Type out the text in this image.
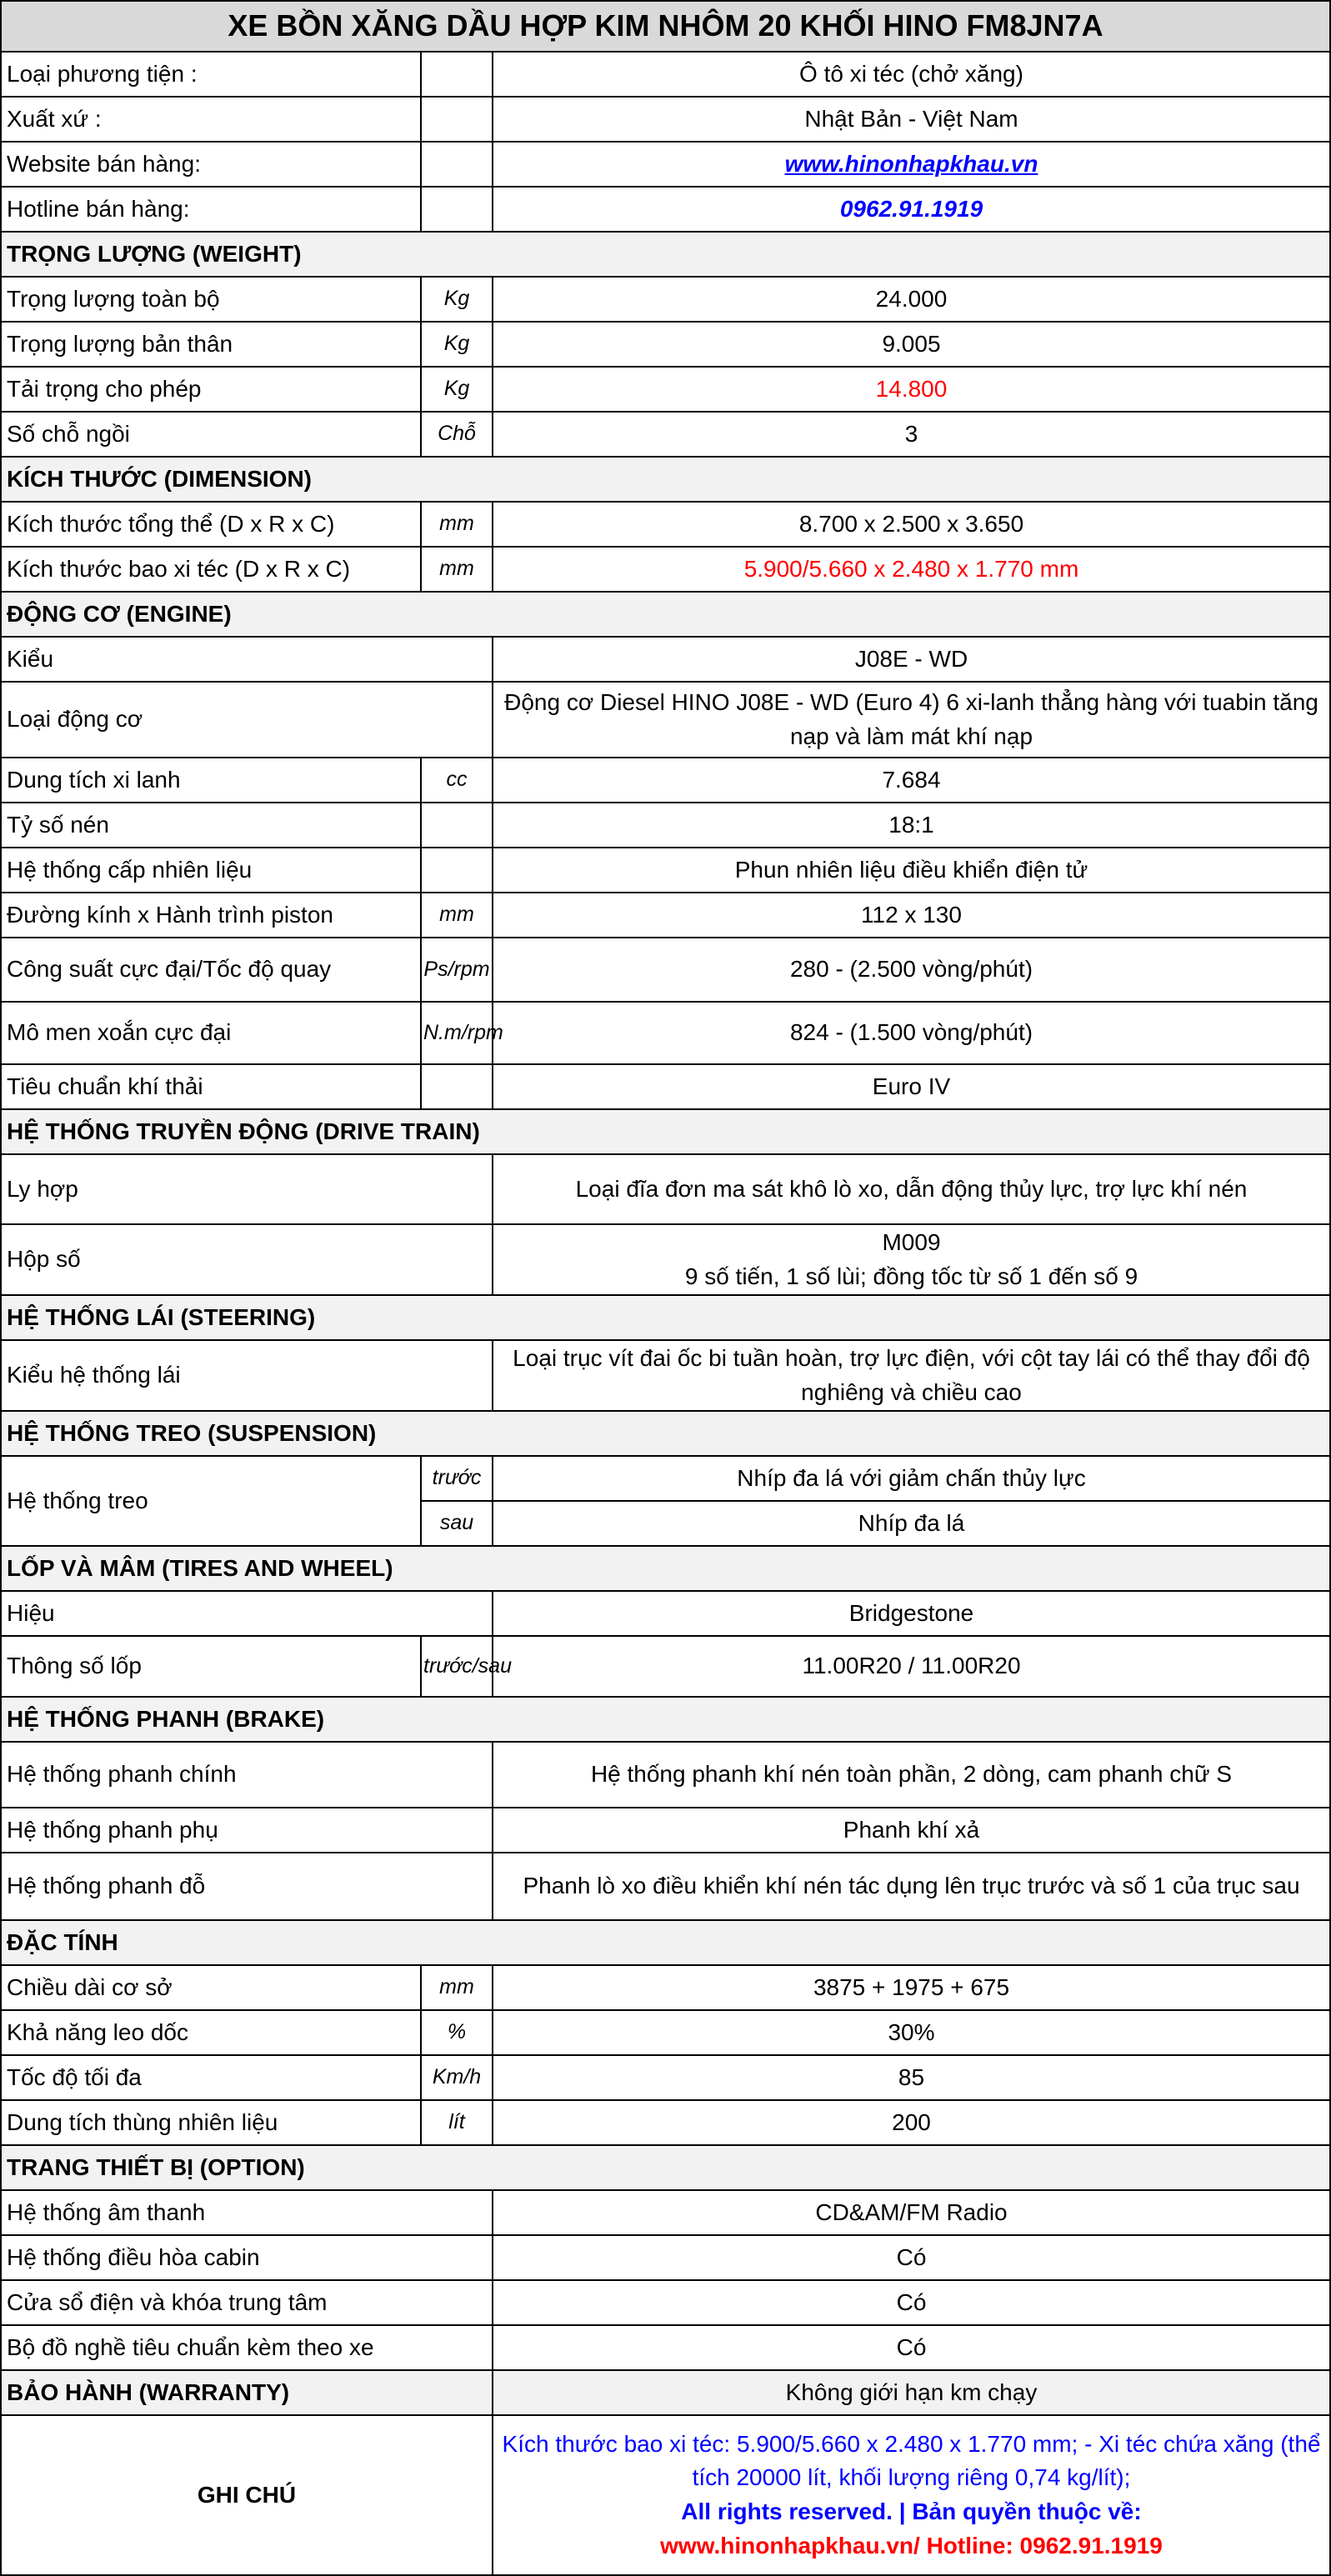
XE BỒN XĂNG DẦU HỢP KIM NHÔM 20 KHỐI HINO FM8JN7A		
Loại phương tiện :		Ô tô xi téc (chở xăng)
Xuất xứ :		Nhật Bản - Việt Nam
Website bán hàng:		www.hinonhapkhau.vn
Hotline bán hàng:		0962.91.1919
TRỌNG LƯỢNG (WEIGHT)		
Trọng lượng toàn bộ	Kg	24.000
Trọng lượng bản thân	Kg	9.005
Tải trọng cho phép	Kg	14.800
Số chỗ ngồi	Chỗ	3
KÍCH THƯỚC (DIMENSION)		
Kích thước tổng thể (D x R x C)	mm	8.700 x 2.500 x 3.650
Kích thước bao xi téc (D x R x C)	mm	5.900/5.660 x 2.480 x 1.770 mm
ĐỘNG CƠ (ENGINE)		
Kiểu		J08E - WD
Loại động cơ		Động cơ Diesel HINO J08E - WD (Euro 4) 6 xi-lanh thẳng hàng với tuabin tăng nạp và làm mát khí nạp
Dung tích xi lanh	cc	7.684
Tỷ số nén		18:1
Hệ thống cấp nhiên liệu		Phun nhiên liệu điều khiển điện tử
Đường kính x Hành trình piston	mm	112 x 130
Công suất cực đại/Tốc độ quay	Ps/rpm	280 - (2.500 vòng/phút)
Mô men xoắn cực đại	N.m/rpm	824 - (1.500 vòng/phút)
Tiêu chuẩn khí thải		Euro IV
HỆ THỐNG TRUYỀN ĐỘNG (DRIVE TRAIN)		
Ly hợp		Loại đĩa đơn ma sát khô lò xo, dẫn động thủy lực, trợ lực khí nén
Hộp số		M009
9 số tiến, 1 số lùi; đồng tốc từ số 1 đến số 9

HỆ THỐNG LÁI (STEERING)		
Kiểu hệ thống lái		Loại trục vít đai ốc bi tuần hoàn, trợ lực điện, với cột tay lái có thể thay đổi độ nghiêng và chiều cao
HỆ THỐNG TREO (SUSPENSION)		
Hệ thống treo	trước	Nhíp đa lá với giảm chấn thủy lực
	sau	Nhíp đa lá
LỐP VÀ MÂM (TIRES AND WHEEL)		
Hiệu		Bridgestone
Thông số lốp	trước/sau	11.00R20 / 11.00R20
HỆ THỐNG PHANH (BRAKE)		
Hệ thống phanh chính		Hệ thống phanh khí nén toàn phần, 2 dòng, cam phanh chữ S
Hệ thống phanh phụ		Phanh khí xả
Hệ thống phanh đỗ		Phanh lò xo điều khiển khí nén tác dụng lên trục trước và số 1 của trục sau
ĐẶC TÍNH		
Chiều dài cơ sở	mm	3875 + 1975 + 675
Khả năng leo dốc	%	30%
Tốc độ tối đa	Km/h	85
Dung tích thùng nhiên liệu	lít	200
TRANG THIẾT BỊ (OPTION)		
Hệ thống âm thanh		CD&AM/FM Radio
Hệ thống điều hòa cabin		Có
Cửa sổ điện và khóa trung tâm		Có
Bộ đồ nghề tiêu chuẩn kèm theo xe		Có
BẢO HÀNH (WARRANTY)		Không giới hạn km chạy
GHI CHÚ		Kích thước bao xi téc: 5.900/5.660 x 2.480 x 1.770 mm; - Xi téc chứa xăng (thể tích 20000 lít, khối lượng riêng 0,74 kg/lít);
All rights reserved. | Bản quyền thuộc về:
www.hinonhapkhau.vn/ Hotline: 0962.91.1919
